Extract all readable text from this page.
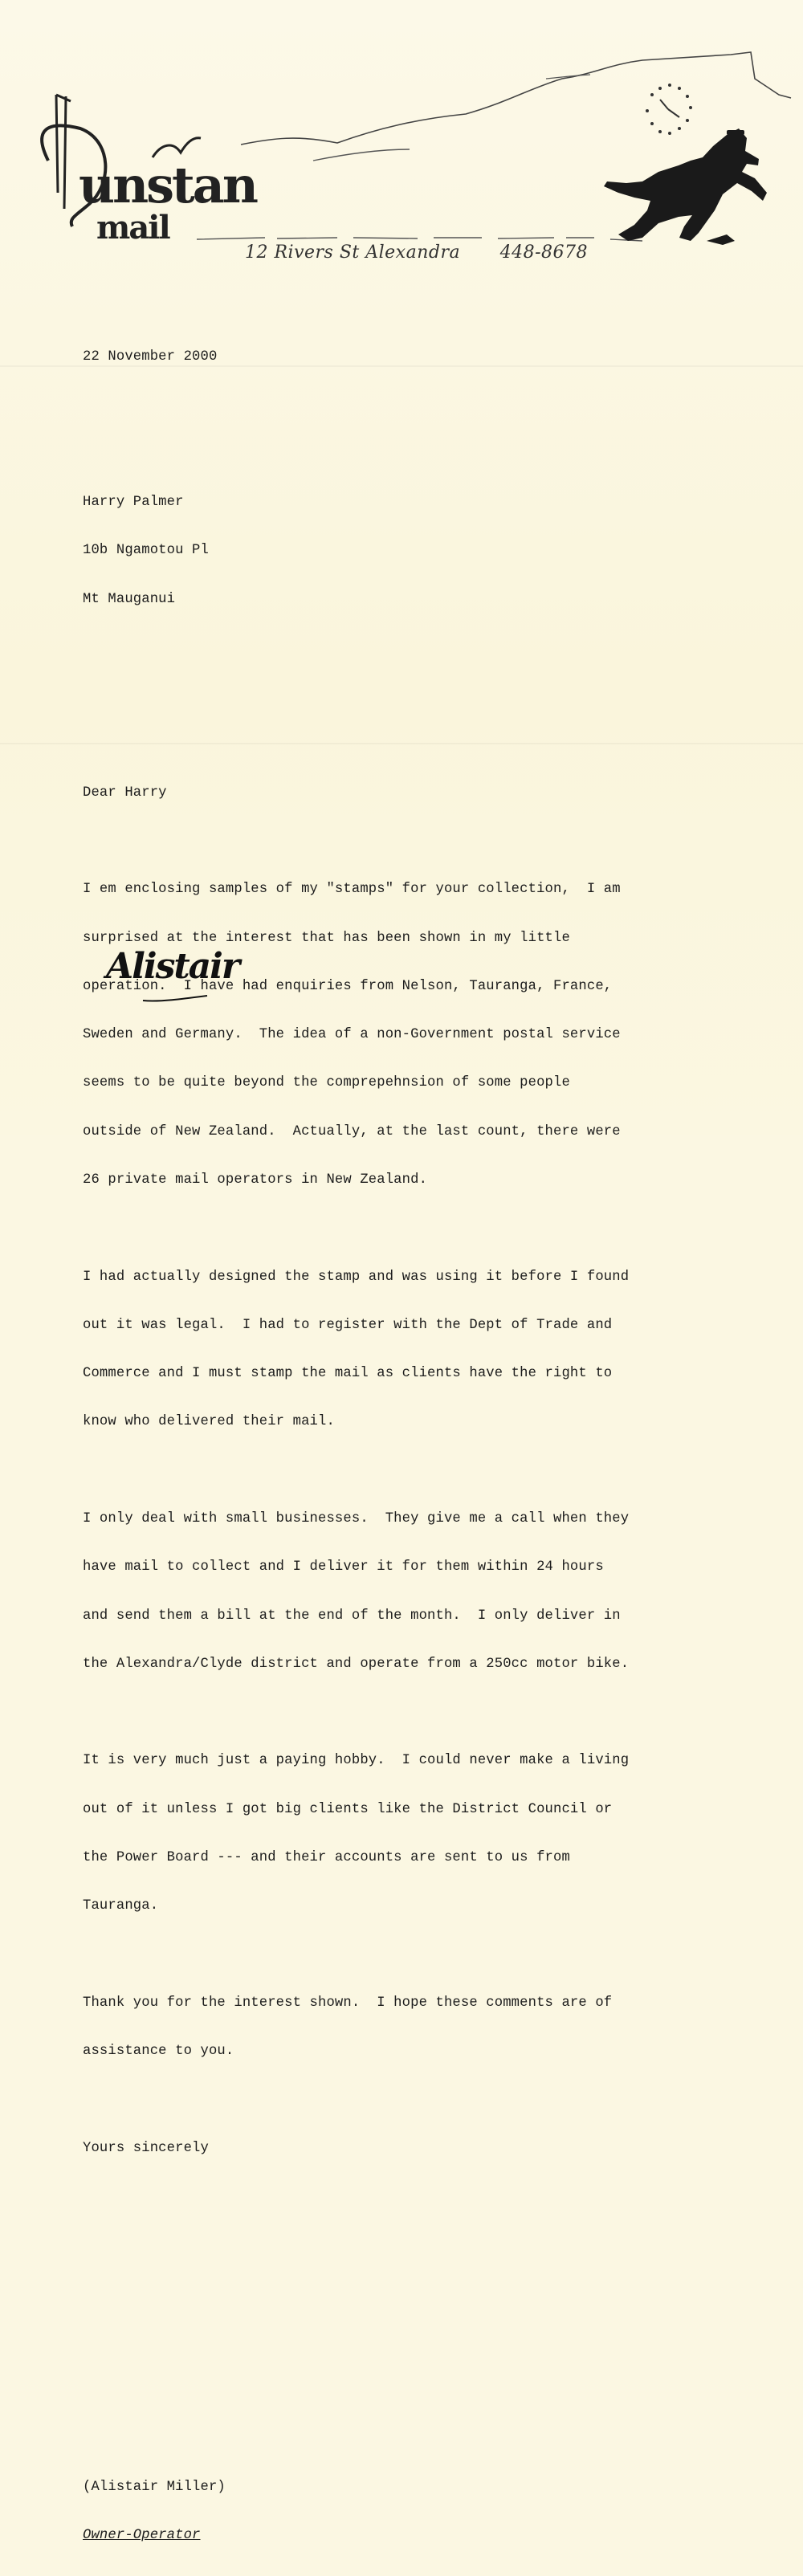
unstan
mail
12 Rivers St Alexandra 448-8678

22 November 2000

Harry Palmer

10b Ngamotou Pl

Mt Mauganui

Dear Harry

I em enclosing samples of my "stamps" for your collection,  I am

surprised at the interest that has been shown in my little

operation.  I have had enquiries from Nelson, Tauranga, France,

Sweden and Germany.  The idea of a non-Government postal service

seems to be quite beyond the comprepehnsion of some people

outside of New Zealand.  Actually, at the last count, there were

26 private mail operators in New Zealand.

I had actually designed the stamp and was using it before I found

out it was legal.  I had to register with the Dept of Trade and

Commerce and I must stamp the mail as clients have the right to

know who delivered their mail.

I only deal with small businesses.  They give me a call when they

have mail to collect and I deliver it for them within 24 hours

and send them a bill at the end of the month.  I only deliver in

the Alexandra/Clyde district and operate from a 250cc motor bike.

It is very much just a paying hobby.  I could never make a living

out of it unless I got big clients like the District Council or

the Power Board --- and their accounts are sent to us from

Tauranga.

Thank you for the interest shown.  I hope these comments are of

assistance to you.

Yours sincerely

(Alistair Miller)

Owner-Operator

Alistair
